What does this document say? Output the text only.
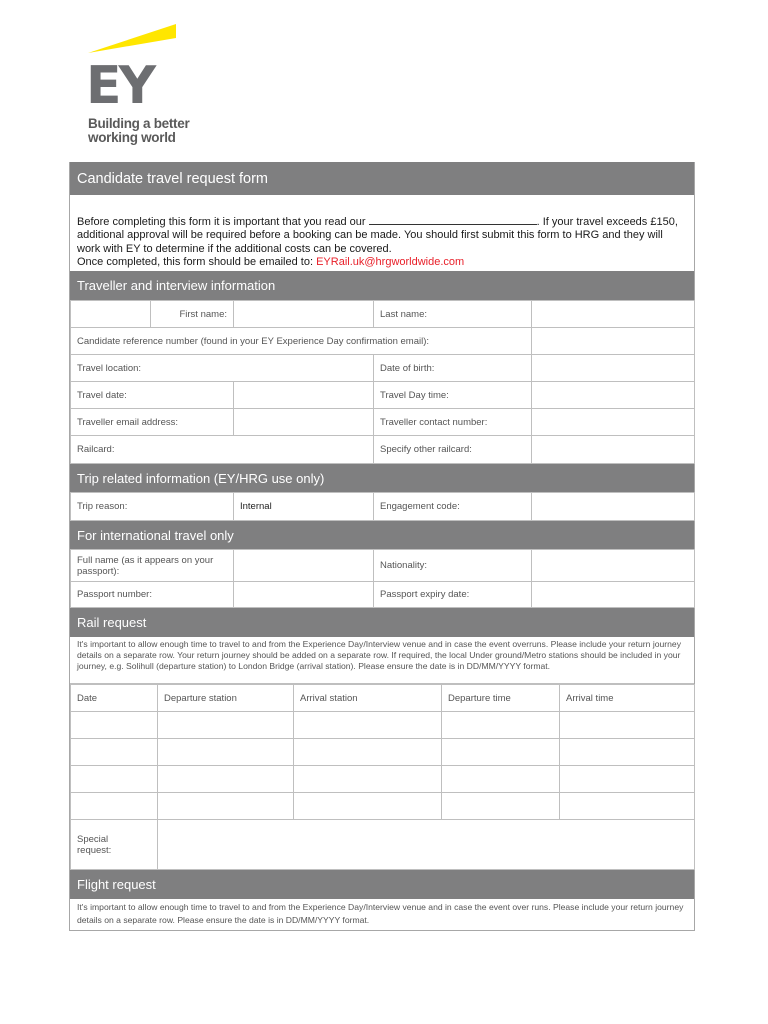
EY
Building a better
working world
Candidate travel request form
Before completing this form it is important that you read our	. If your travel exceeds £150, additional approval will be required before a booking can be made. You should first submit this form to HRG and they will work with EY to determine if the additional costs can be covered.
Once completed, this form should be emailed to: EYRail.uk@hrgworldwide.com
Traveller and interview information
	First name:		Last name:	
Candidate reference number (found in your EY Experience Day confirmation email):				
Travel location:			Date of birth:	
Travel date:			Travel Day time:	
Traveller email address:			Traveller contact number:	
Railcard:			Specify other railcard:	
Trip related information (EY/HRG use only)
Trip reason:	Internal	Engagement code:	
For international travel only
Full name (as it appears on your passport):		Nationality:	
Passport number:		Passport expiry date:	
Rail request
It's important to allow enough time to travel to and from the Experience Day/Interview venue and in case the event overruns. Please include your return journey details on a separate row. Your return journey should be added on a separate row. If required, the local Under ground/Metro stations should be included in your journey, e.g. Solihull (departure station) to London Bridge (arrival station). Please ensure the date is in DD/MM/YYYY format.
Date	Departure station	Arrival station	Departure time	Arrival time

Special request:				
Flight request
It's important to allow enough time to travel to and from the Experience Day/Interview venue and in case the event over runs. Please include your return journey details on a separate row. Please ensure the date is in DD/MM/YYYY format.
